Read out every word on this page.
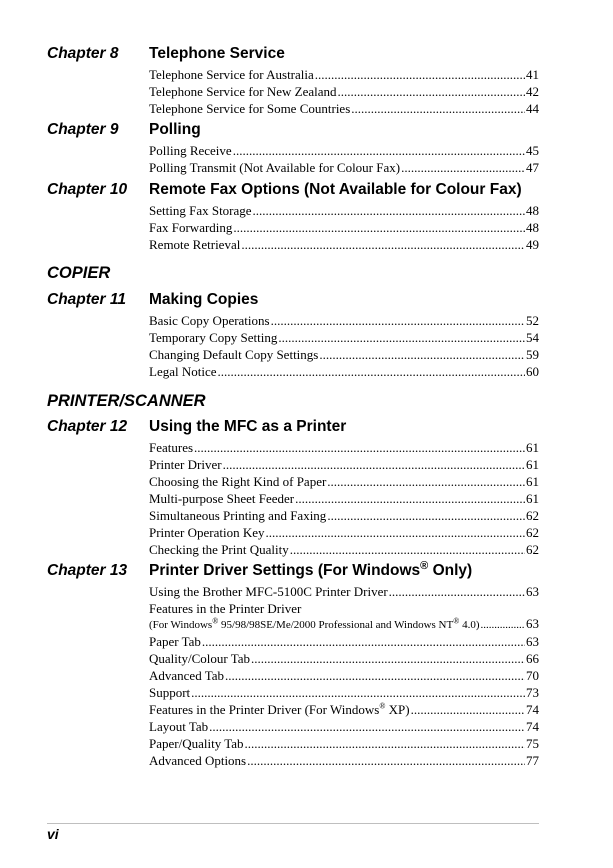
Chapter 8 Telephone Service
Telephone Service for Australia .....	41
Telephone Service for New Zealand .....	42
Telephone Service for Some Countries .....	44
Chapter 9 Polling
Polling Receive .....	45
Polling Transmit (Not Available for Colour Fax) .....	47
Chapter 10 Remote Fax Options (Not Available for Colour Fax)
Setting Fax Storage .....	48
Fax Forwarding .....	48
Remote Retrieval .....	49
COPIER
Chapter 11 Making Copies
Basic Copy Operations .....	52
Temporary Copy Setting .....	54
Changing Default Copy Settings .....	59
Legal Notice .....	60
PRINTER/SCANNER
Chapter 12 Using the MFC as a Printer
Features .....	61
Printer Driver .....	61
Choosing the Right Kind of Paper .....	61
Multi-purpose Sheet Feeder .....	61
Simultaneous Printing and Faxing .....	62
Printer Operation Key .....	62
Checking the Print Quality .....	62
Chapter 13 Printer Driver Settings (For Windows® Only)
Using the Brother MFC-5100C Printer Driver .....	63
Features in the Printer Driver
(For Windows® 95/98/98SE/Me/2000 Professional and Windows NT® 4.0) .....	63
Paper Tab .....	63
Quality/Colour Tab .....	66
Advanced Tab .....	70
Support .....	73
Features in the Printer Driver (For Windows® XP) .....	74
Layout Tab .....	74
Paper/Quality Tab .....	75
Advanced Options .....	77
vi
